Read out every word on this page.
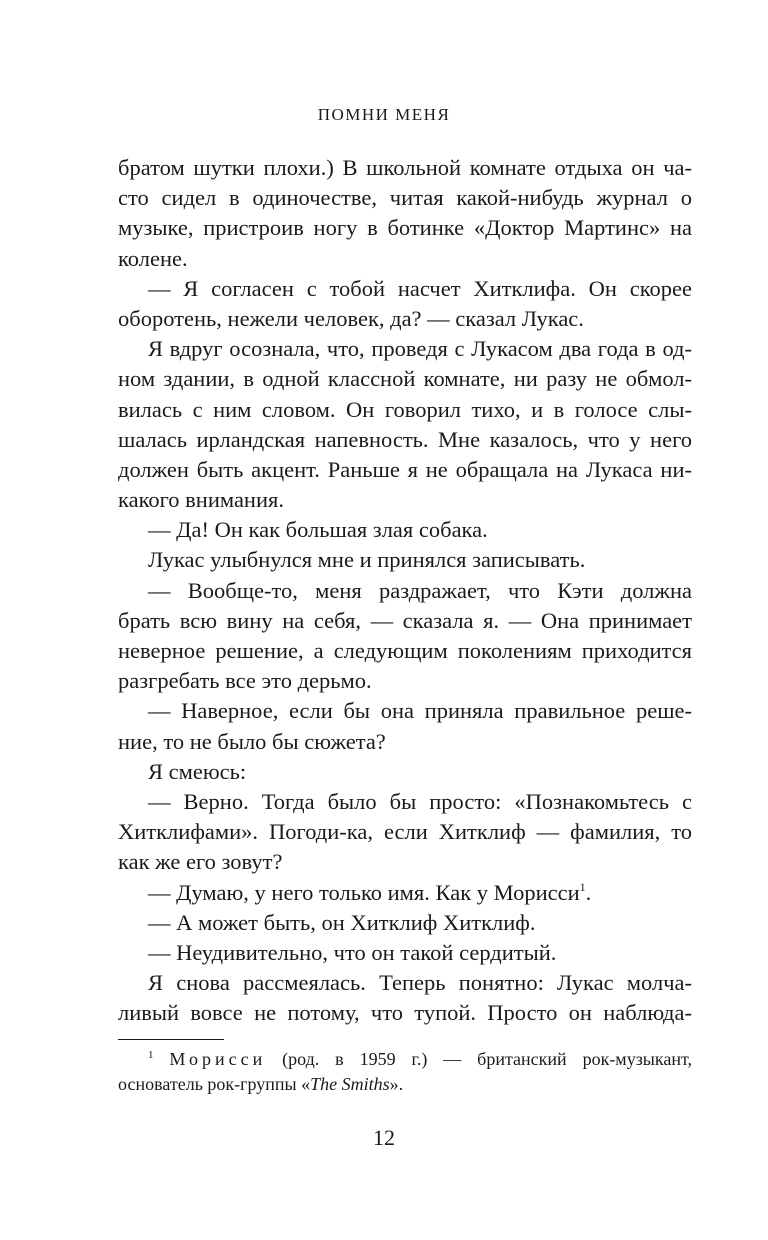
ПОМНИ МЕНЯ
братом шутки плохи.) В школьной комнате отдыха он ча-
сто сидел в одиночестве, читая какой-нибудь журнал о
музыке, пристроив ногу в ботинке «Доктор Мартинс» на
колене.
— Я согласен с тобой насчет Хитклифа. Он скорее
оборотень, нежели человек, да? — сказал Лукас.
Я вдруг осознала, что, проведя с Лукасом два года в од-
ном здании, в одной классной комнате, ни разу не обмол-
вилась с ним словом. Он говорил тихо, и в голосе слы-
шалась ирландская напевность. Мне казалось, что у него
должен быть акцент. Раньше я не обращала на Лукаса ни-
какого внимания.
— Да! Он как большая злая собака.
Лукас улыбнулся мне и принялся записывать.
— Вообще-то, меня раздражает, что Кэти должна
брать всю вину на себя, — сказала я. — Она принимает
неверное решение, а следующим поколениям приходится
разгребать все это дерьмо.
— Наверное, если бы она приняла правильное реше-
ние, то не было бы сюжета?
Я смеюсь:
— Верно. Тогда было бы просто: «Познакомьтесь с
Хитклифами». Погоди-ка, если Хитклиф — фамилия, то
как же его зовут?
— Думаю, у него только имя. Как у Морисси$^1$.
— А может быть, он Хитклиф Хитклиф.
— Неудивительно, что он такой сердитый.
Я снова рассмеялась. Теперь понятно: Лукас молча-
ливый вовсе не потому, что тупой. Просто он наблюда-
$^1$ Морисси (род. в 1959 г.) — британский рок-музыкант,
основатель рок-группы «The Smiths».
12
